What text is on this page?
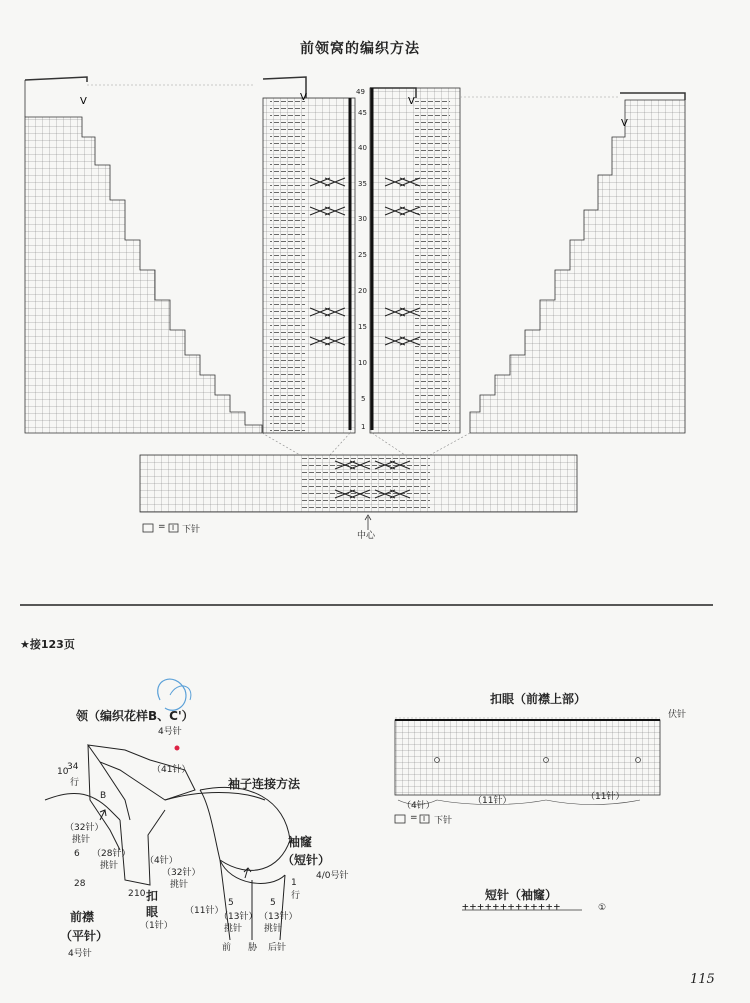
前领窝的编织方法
V	V	V
V
49
45
40
35
30
25
20
15
10
5
1
= I 下针
中心
★接123页
领（编织花样B、C'）
4号针
（41针）
10
34
行
B
（32针）
挑针
（28针）
挑针	（4针）
（32针）
挑针
6
28
2 10
前襟
（平针）
4号针
扣
眼
（1针）
（11针）
袖子连接方法
袖窿
（短针）
4/0号针
5
（13针）
挑针
5
（13针）
挑针
1
行
前 胁 后针
扣眼（前襟上部）
伏针
（4针）	（11针）	（11针）
= I 下针
短针（袖窿）
+++++++++++++	①
115
